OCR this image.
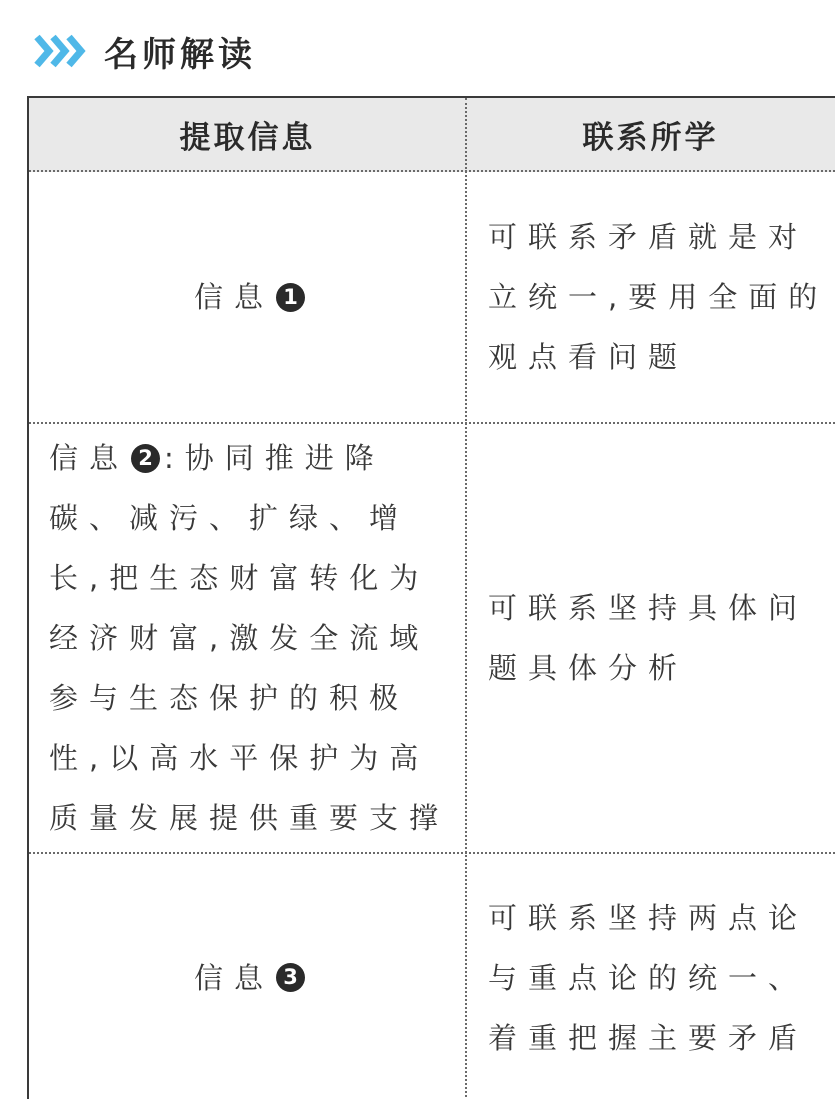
名师解读
提取信息	联系所学
信息 1
可联系矛盾就是对立统一,要用全面的观点看问题
信息 2 :协同推进降碳、减污、扩绿、增长,把生态财富转化为经济财富,激发全流域参与生态保护的积极性,以高水平保护为高质量发展提供重要支撑
可联系坚持具体问题具体分析
信息 3
可联系坚持两点论与重点论的统一、着重把握主要矛盾
